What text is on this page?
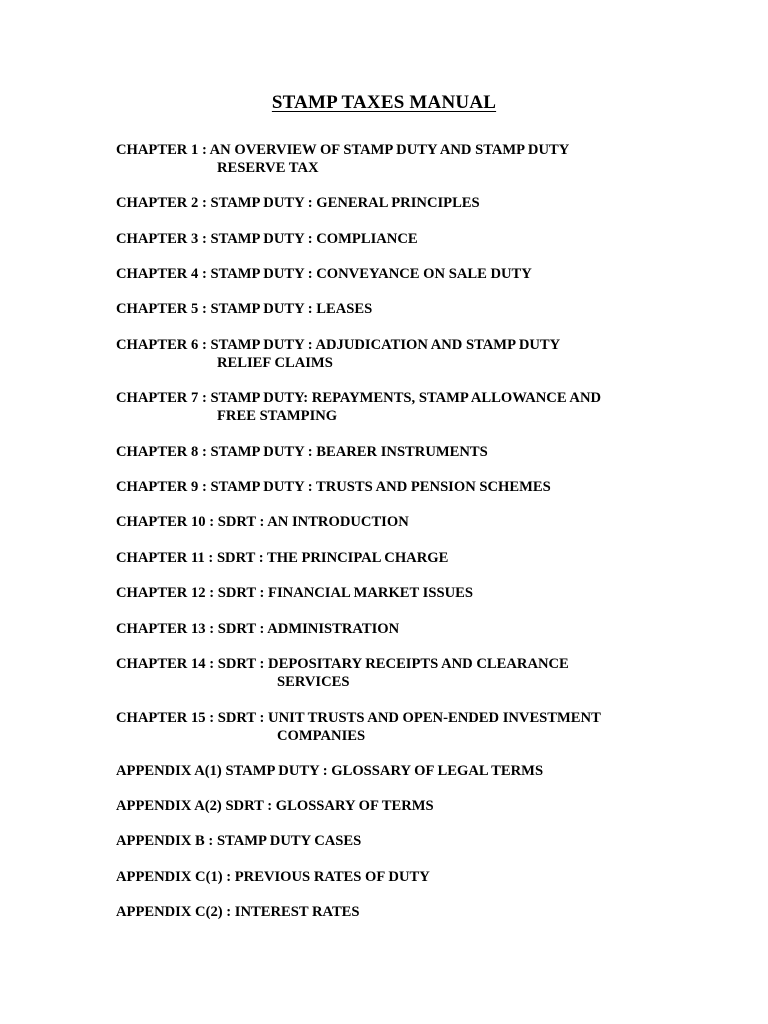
STAMP TAXES MANUAL
CHAPTER 1 : AN OVERVIEW OF STAMP DUTY AND STAMP DUTY
RESERVE TAX
CHAPTER 2 : STAMP DUTY : GENERAL PRINCIPLES
CHAPTER 3 : STAMP DUTY : COMPLIANCE
CHAPTER 4 : STAMP DUTY : CONVEYANCE ON SALE DUTY
CHAPTER 5 : STAMP DUTY : LEASES
CHAPTER 6 : STAMP DUTY : ADJUDICATION AND STAMP DUTY
RELIEF CLAIMS
CHAPTER 7 : STAMP DUTY: REPAYMENTS, STAMP ALLOWANCE AND
FREE STAMPING
CHAPTER 8 : STAMP DUTY : BEARER INSTRUMENTS
CHAPTER 9 : STAMP DUTY : TRUSTS AND PENSION SCHEMES
CHAPTER 10 : SDRT : AN INTRODUCTION
CHAPTER 11 : SDRT : THE PRINCIPAL CHARGE
CHAPTER 12 : SDRT : FINANCIAL MARKET ISSUES
CHAPTER 13 : SDRT : ADMINISTRATION
CHAPTER 14 : SDRT : DEPOSITARY RECEIPTS AND CLEARANCE
SERVICES
CHAPTER 15 : SDRT : UNIT TRUSTS AND OPEN-ENDED INVESTMENT
COMPANIES
APPENDIX A(1) STAMP DUTY : GLOSSARY OF LEGAL TERMS
APPENDIX A(2) SDRT : GLOSSARY OF TERMS
APPENDIX B : STAMP DUTY CASES
APPENDIX C(1) : PREVIOUS RATES OF DUTY
APPENDIX C(2) : INTEREST RATES
